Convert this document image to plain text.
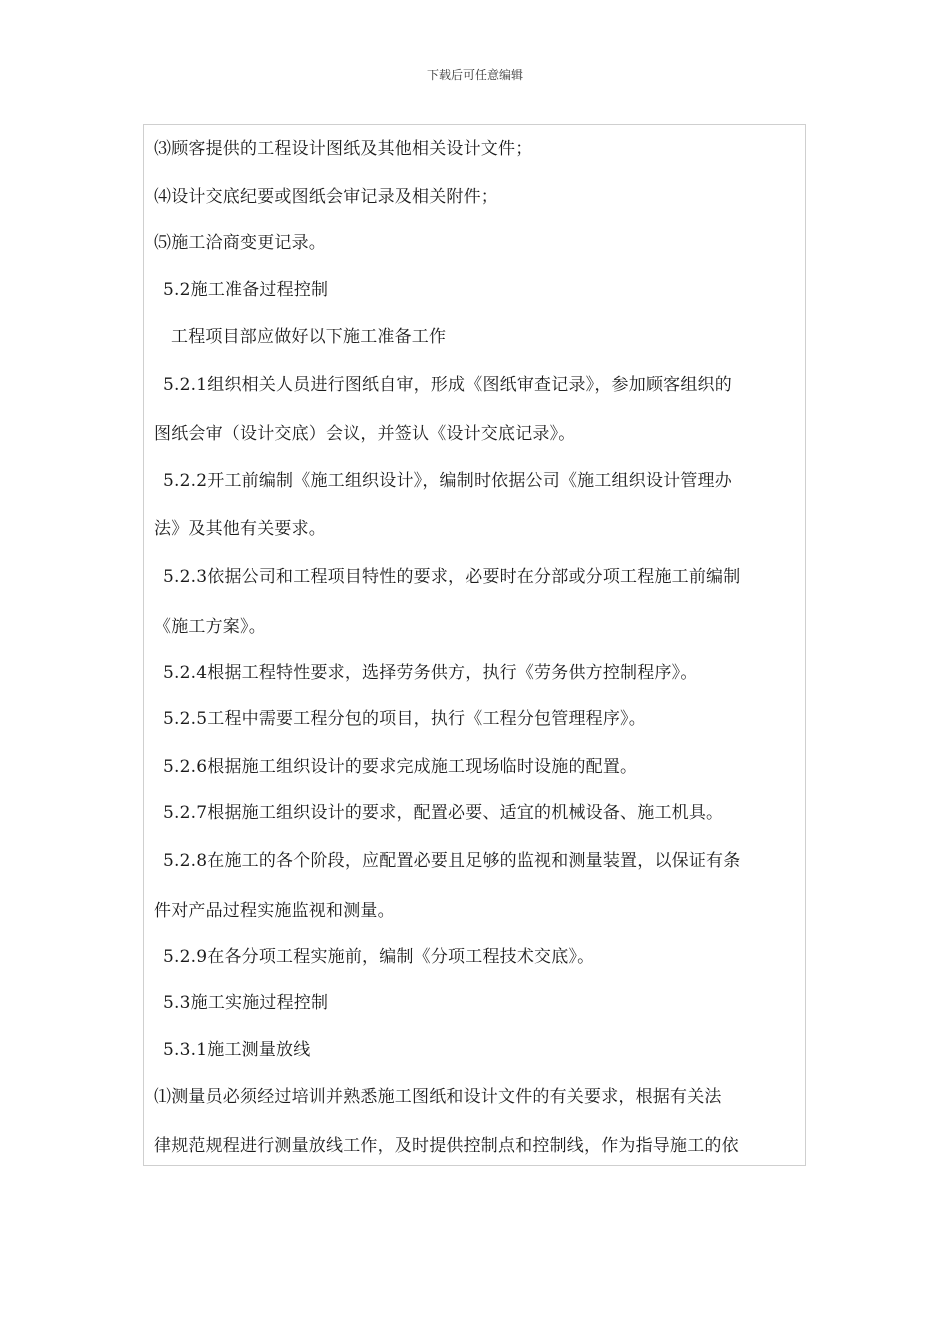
下载后可任意编辑
⑶顾客提供的工程设计图纸及其他相关设计文件；
⑷设计交底纪要或图纸会审记录及相关附件；
⑸施工洽商变更记录。
5.2施工准备过程控制
工程项目部应做好以下施工准备工作
5.2.1组织相关人员进行图纸自审，形成《图纸审查记录》，参加顾客组织的
图纸会审（设计交底）会议，并签认《设计交底记录》。
5.2.2开工前编制《施工组织设计》，编制时依据公司《施工组织设计管理办
法》及其他有关要求。
5.2.3依据公司和工程项目特性的要求，必要时在分部或分项工程施工前编制
《施工方案》。
5.2.4根据工程特性要求，选择劳务供方，执行《劳务供方控制程序》。
5.2.5工程中需要工程分包的项目，执行《工程分包管理程序》。
5.2.6根据施工组织设计的要求完成施工现场临时设施的配置。
5.2.7根据施工组织设计的要求，配置必要、适宜的机械设备、施工机具。
5.2.8在施工的各个阶段，应配置必要且足够的监视和测量装置，以保证有条
件对产品过程实施监视和测量。
5.2.9在各分项工程实施前，编制《分项工程技术交底》。
5.3施工实施过程控制
5.3.1施工测量放线
⑴测量员必须经过培训并熟悉施工图纸和设计文件的有关要求，根据有关法
律规范规程进行测量放线工作，及时提供控制点和控制线，作为指导施工的依
